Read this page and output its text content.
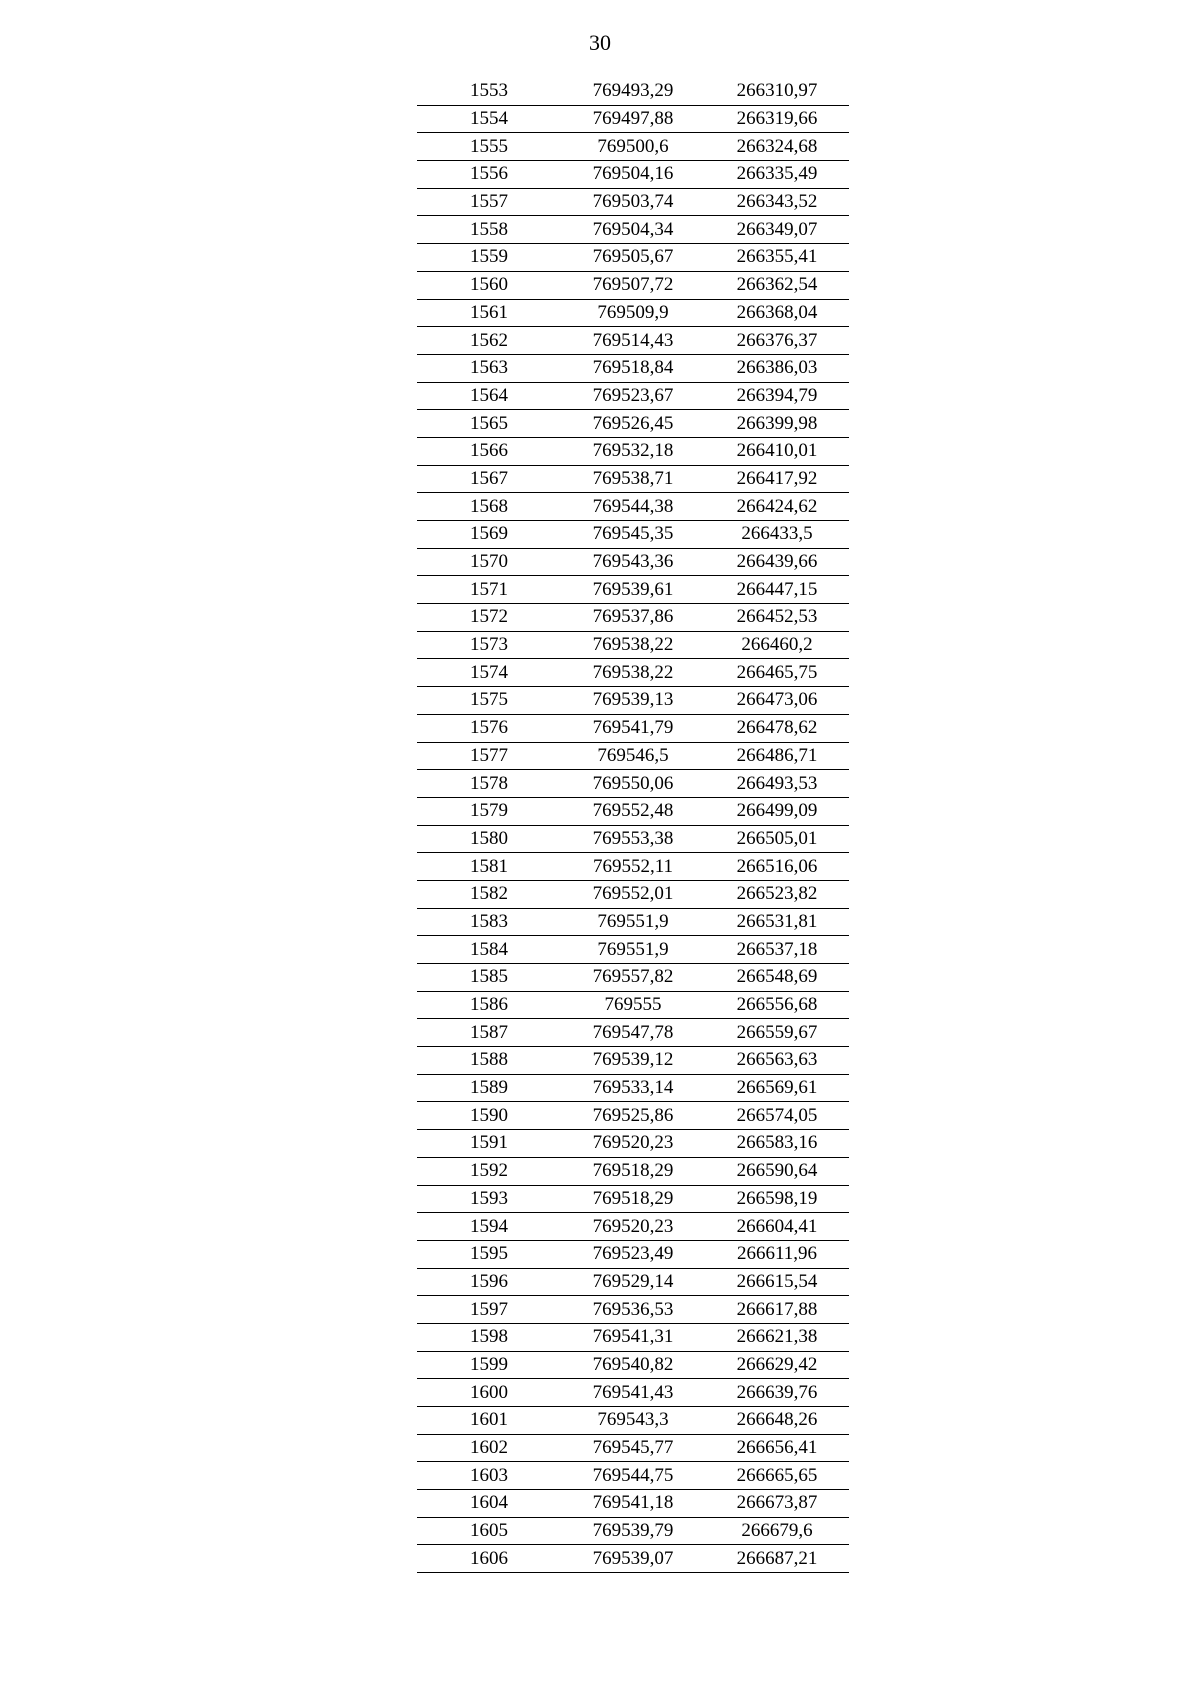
30
1553	769493,29	266310,97
1554	769497,88	266319,66
1555	769500,6	266324,68
1556	769504,16	266335,49
1557	769503,74	266343,52
1558	769504,34	266349,07
1559	769505,67	266355,41
1560	769507,72	266362,54
1561	769509,9	266368,04
1562	769514,43	266376,37
1563	769518,84	266386,03
1564	769523,67	266394,79
1565	769526,45	266399,98
1566	769532,18	266410,01
1567	769538,71	266417,92
1568	769544,38	266424,62
1569	769545,35	266433,5
1570	769543,36	266439,66
1571	769539,61	266447,15
1572	769537,86	266452,53
1573	769538,22	266460,2
1574	769538,22	266465,75
1575	769539,13	266473,06
1576	769541,79	266478,62
1577	769546,5	266486,71
1578	769550,06	266493,53
1579	769552,48	266499,09
1580	769553,38	266505,01
1581	769552,11	266516,06
1582	769552,01	266523,82
1583	769551,9	266531,81
1584	769551,9	266537,18
1585	769557,82	266548,69
1586	769555	266556,68
1587	769547,78	266559,67
1588	769539,12	266563,63
1589	769533,14	266569,61
1590	769525,86	266574,05
1591	769520,23	266583,16
1592	769518,29	266590,64
1593	769518,29	266598,19
1594	769520,23	266604,41
1595	769523,49	266611,96
1596	769529,14	266615,54
1597	769536,53	266617,88
1598	769541,31	266621,38
1599	769540,82	266629,42
1600	769541,43	266639,76
1601	769543,3	266648,26
1602	769545,77	266656,41
1603	769544,75	266665,65
1604	769541,18	266673,87
1605	769539,79	266679,6
1606	769539,07	266687,21
